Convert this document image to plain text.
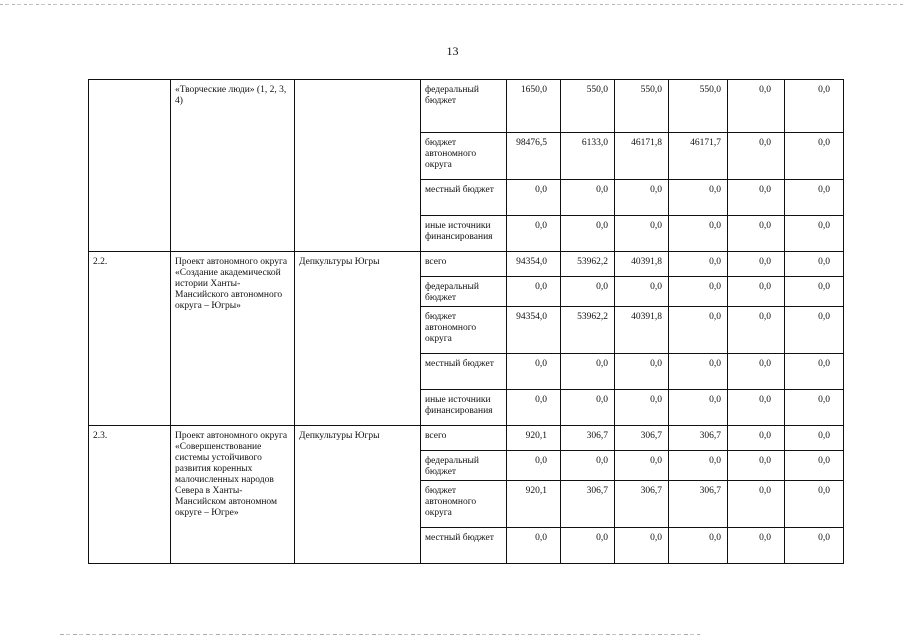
13
	«Творческие люди» (1, 2, 3, 4)		федеральный бюджет	1650,0	550,0	550,0	550,0	0,0	0,0
			бюджет автономного округа	98476,5	6133,0	46171,8	46171,7	0,0	0,0
			местный бюджет	0,0	0,0	0,0	0,0	0,0	0,0
			иные источники финансирования	0,0	0,0	0,0	0,0	0,0	0,0
2.2.	Проект автономного округа «Создание академической истории Ханты-Мансийского автономного округа – Югры»	Депкультуры Югры	всего	94354,0	53962,2	40391,8	0,0	0,0	0,0
			федеральный бюджет	0,0	0,0	0,0	0,0	0,0	0,0
			бюджет автономного округа	94354,0	53962,2	40391,8	0,0	0,0	0,0
			местный бюджет	0,0	0,0	0,0	0,0	0,0	0,0
			иные источники финансирования	0,0	0,0	0,0	0,0	0,0	0,0
2.3.	Проект автономного округа «Совершенствование системы устойчивого развития коренных малочисленных народов Севера в Ханты-Мансийском автономном округе – Югре»	Депкультуры Югры	всего	920,1	306,7	306,7	306,7	0,0	0,0
			федеральный бюджет	0,0	0,0	0,0	0,0	0,0	0,0
			бюджет автономного округа	920,1	306,7	306,7	306,7	0,0	0,0
			местный бюджет	0,0	0,0	0,0	0,0	0,0	0,0
